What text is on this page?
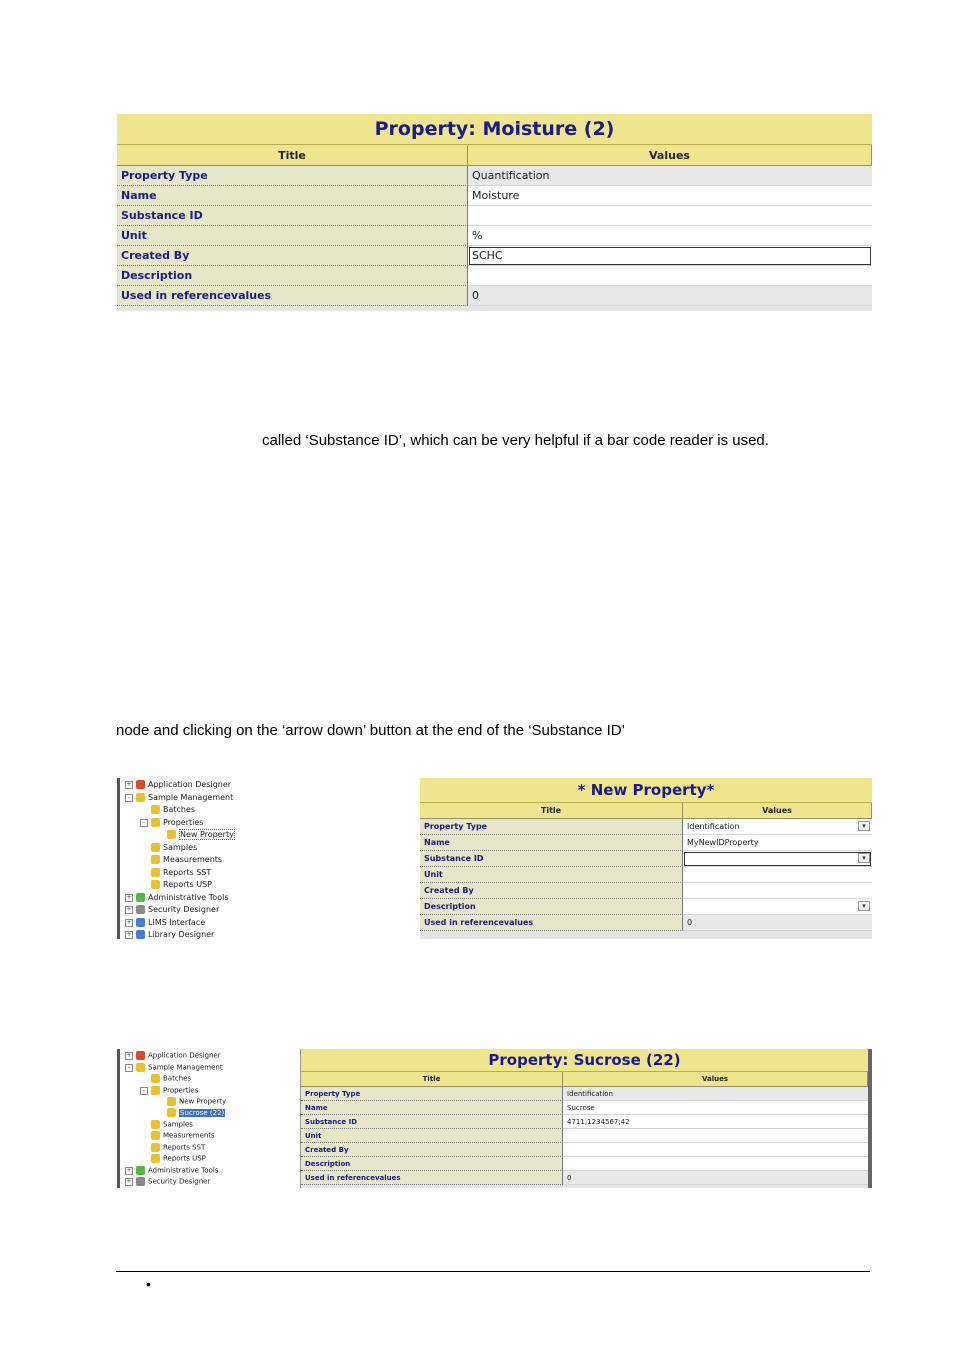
Property: Moisture (2)
Title	Values
Property Type	Quantification
Name	Moisture
Substance ID
Unit	%
Created By	SCHC
Description
Used in referencevalues	0
called ‘Substance ID’, which can be very helpful if a bar code reader is used.
node and clicking on the ‘arrow down’ button at the end of the ‘Substance ID’
+ Application Designer
- Sample Management
Batches
- Properties
New Property
Samples
Measurements
Reports SST
Reports USP
+ Administrative Tools
+ Security Designer
+ LIMS Interface
+ Library Designer
* New Property*
Title	Values
Property Type	Identification	▾
Name	MyNewIDProperty
Substance ID	▾
Unit
Created By
Description	▾
Used in referencevalues	0
+ Application Designer
-	Sample Management
Batches
-	Properties
New Property
Sucrose (22)
Samples
Measurements
Reports SST
Reports USP
+ Administrative Tools
+ Security Designer
Property: Sucrose (22)
Title	Values
Property Type	Identification
Name	Sucrose
Substance ID	4711;1234567;42
Unit
Created By
Description
Used in referencevalues	0
•
